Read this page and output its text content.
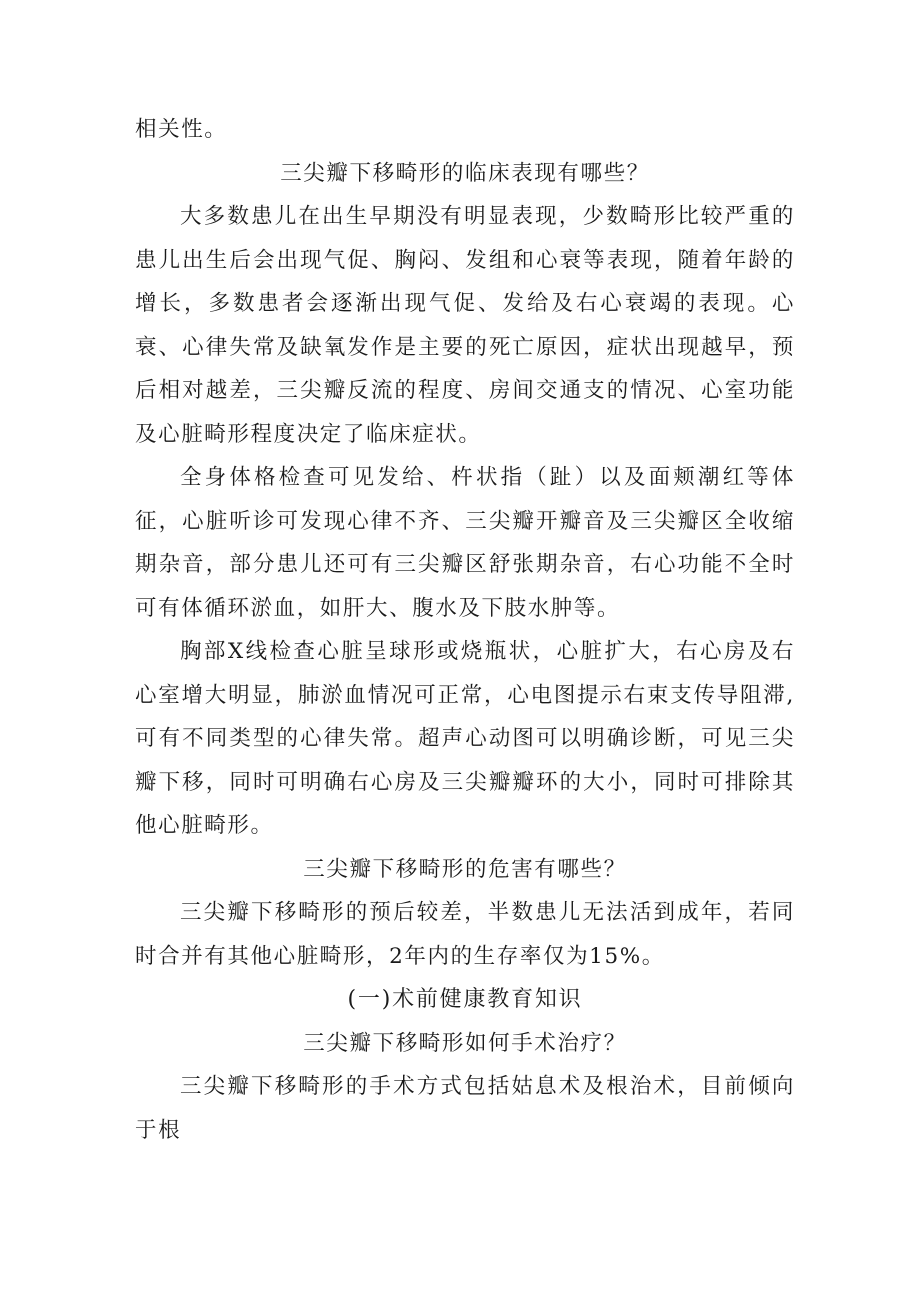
相关性。

三尖瓣下移畸形的临床表现有哪些？

大多数患儿在出生早期没有明显表现，少数畸形比较严重的患儿出生后会出现气促、胸闷、发组和心衰等表现，随着年龄的增长，多数患者会逐渐出现气促、发给及右心衰竭的表现。心衰、心律失常及缺氧发作是主要的死亡原因，症状出现越早，预后相对越差，三尖瓣反流的程度、房间交通支的情况、心室功能及心脏畸形程度决定了临床症状。

全身体格检查可见发给、杵状指（趾）以及面颊潮红等体征，心脏听诊可发现心律不齐、三尖瓣开瓣音及三尖瓣区全收缩期杂音，部分患儿还可有三尖瓣区舒张期杂音，右心功能不全时可有体循环淤血，如肝大、腹水及下肢水肿等。

胸部X线检查心脏呈球形或烧瓶状，心脏扩大，右心房及右心室增大明显，肺淤血情况可正常，心电图提示右束支传导阻滞,可有不同类型的心律失常。超声心动图可以明确诊断，可见三尖瓣下移，同时可明确右心房及三尖瓣瓣环的大小，同时可排除其他心脏畸形。

三尖瓣下移畸形的危害有哪些？

三尖瓣下移畸形的预后较差，半数患儿无法活到成年，若同时合并有其他心脏畸形，2年内的生存率仅为15%。

(一)术前健康教育知识

三尖瓣下移畸形如何手术治疗？

三尖瓣下移畸形的手术方式包括姑息术及根治术，目前倾向于根
